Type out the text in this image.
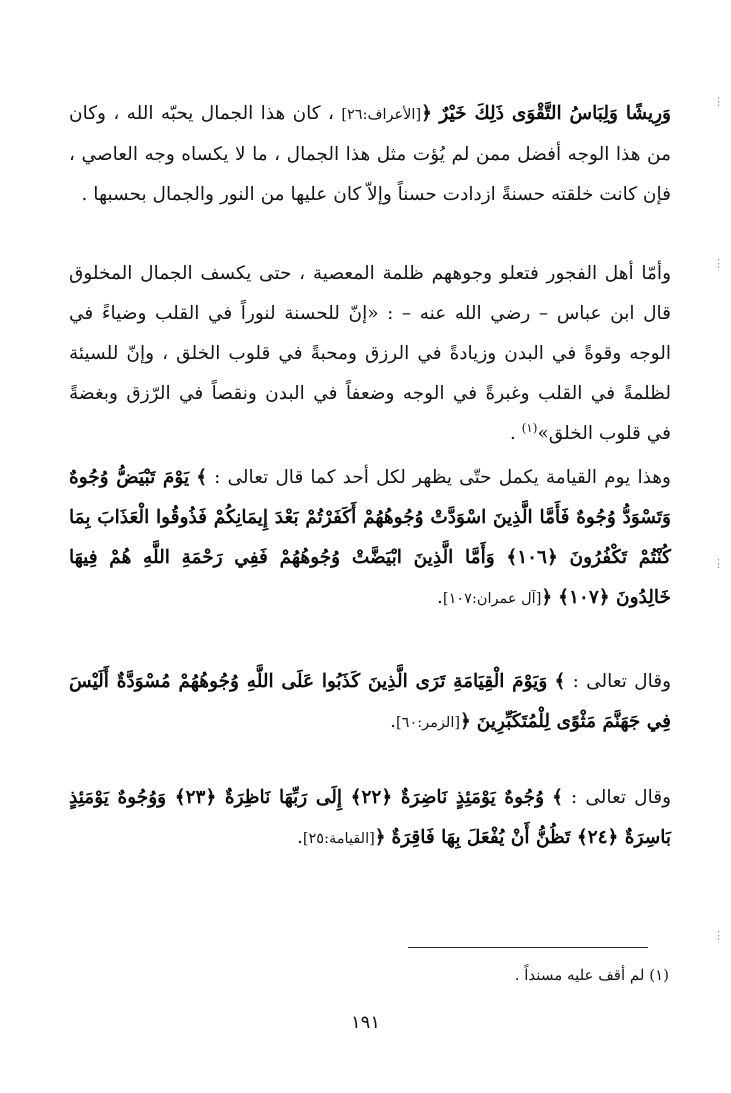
وَرِيشًا وَلِبَاسُ التَّقْوَى ذَلِكَ خَيْرٌ ﴿[الأعراف:٢٦] ، كان هذا الجمال يحبّه الله ، وكان من هذا الوجه أفضل ممن لم يُؤت مثل هذا الجمال ، ما لا يكساه وجه العاصي ، فإن كانت خلقته حسنةً ازدادت حسناً وإلاّ كان عليها من النور والجمال بحسبها .

وأمّا أهل الفجور فتعلو وجوههم ظلمة المعصية ، حتى يكسف الجمال المخلوق قال ابن عباس – رضي الله عنه – : «إنّ للحسنة لنوراً في القلب وضياءً في الوجه وقوةً في البدن وزيادةً في الرزق ومحبةً في قلوب الخلق ، وإنّ للسيئة لظلمةً في القلب وغبرةً في الوجه وضعفاً في البدن ونقصاً في الرّزق وبغضةً في قلوب الخلق»$^{(١)}$ .

وهذا يوم القيامة يكمل حتّى يظهر لكل أحد كما قال تعالى : ﴾ يَوْمَ تَبْيَضُّ وُجُوهٌ وَتَسْوَدُّ وُجُوهٌ فَأَمَّا الَّذِينَ اسْوَدَّتْ وُجُوهُهُمْ أَكَفَرْتُمْ بَعْدَ إِيمَانِكُمْ فَذُوقُوا الْعَذَابَ بِمَا كُنْتُمْ تَكْفُرُونَ ﴿١٠٦﴾ وَأَمَّا الَّذِينَ ابْيَضَّتْ وُجُوهُهُمْ فَفِي رَحْمَةِ اللَّهِ هُمْ فِيهَا خَالِدُونَ ﴿١٠٧﴾ ﴿[آل عمران:١٠٧].

وقال تعالى : ﴾ وَيَوْمَ الْقِيَامَةِ تَرَى الَّذِينَ كَذَبُوا عَلَى اللَّهِ وُجُوهُهُمْ مُسْوَدَّةٌ أَلَيْسَ فِي جَهَنَّمَ مَثْوًى لِلْمُتَكَبِّرِينَ ﴿[الزمر:٦٠].

وقال تعالى : ﴾ وُجُوهٌ يَوْمَئِذٍ نَاضِرَةٌ ﴿٢٢﴾ إِلَى رَبِّهَا نَاظِرَةٌ ﴿٢٣﴾ وَوُجُوهٌ يَوْمَئِذٍ بَاسِرَةٌ ﴿٢٤﴾ تَظُنُّ أَنْ يُفْعَلَ بِهَا فَاقِرَةٌ ﴿[القيامة:٢٥].

(١) لم أقف عليه مسنداً .
١٩١
⋮
⋮
⋮
⋮
